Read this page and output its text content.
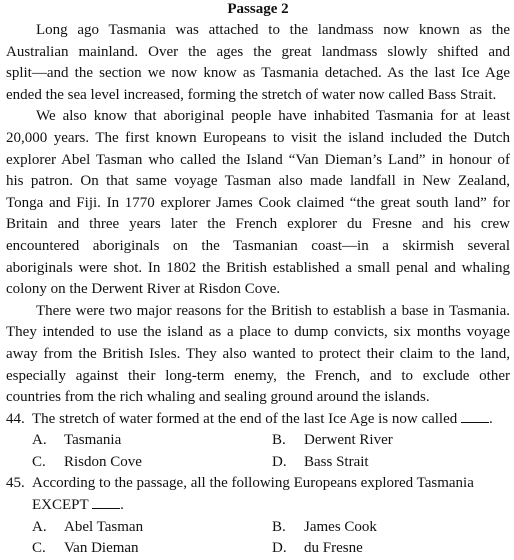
Passage 2
Long ago Tasmania was attached to the landmass now known as the
Australian mainland. Over the ages the great landmass slowly shifted and
split—and the section we now know as Tasmania detached. As the last Ice Age
ended the sea level increased, forming the stretch of water now called Bass Strait.
We also know that aboriginal people have inhabited Tasmania for at least
20,000 years. The first known Europeans to visit the island included the Dutch
explorer Abel Tasman who called the Island “Van Dieman’s Land” in honour of
his patron. On that same voyage Tasman also made landfall in New Zealand,
Tonga and Fiji. In 1770 explorer James Cook claimed “the great south land” for
Britain and three years later the French explorer du Fresne and his crew
encountered aboriginals on the Tasmanian coast—in a skirmish several
aboriginals were shot. In 1802 the British established a small penal and whaling
colony on the Derwent River at Risdon Cove.
There were two major reasons for the British to establish a base in Tasmania.
They intended to use the island as a place to dump convicts, six months voyage
away from the British Isles. They also wanted to protect their claim to the land,
especially against their long-term enemy, the French, and to exclude other
countries from the rich whaling and sealing ground around the islands.
44. The stretch of water formed at the end of the last Ice Age is now called .
A.	Tasmania	B.	Derwent River
C.	Risdon Cove	D.	Bass Strait
45. According to the passage, all the following Europeans explored Tasmania
EXCEPT .
A.	Abel Tasman	B.	James Cook
C.	Van Dieman	D.	du Fresne
